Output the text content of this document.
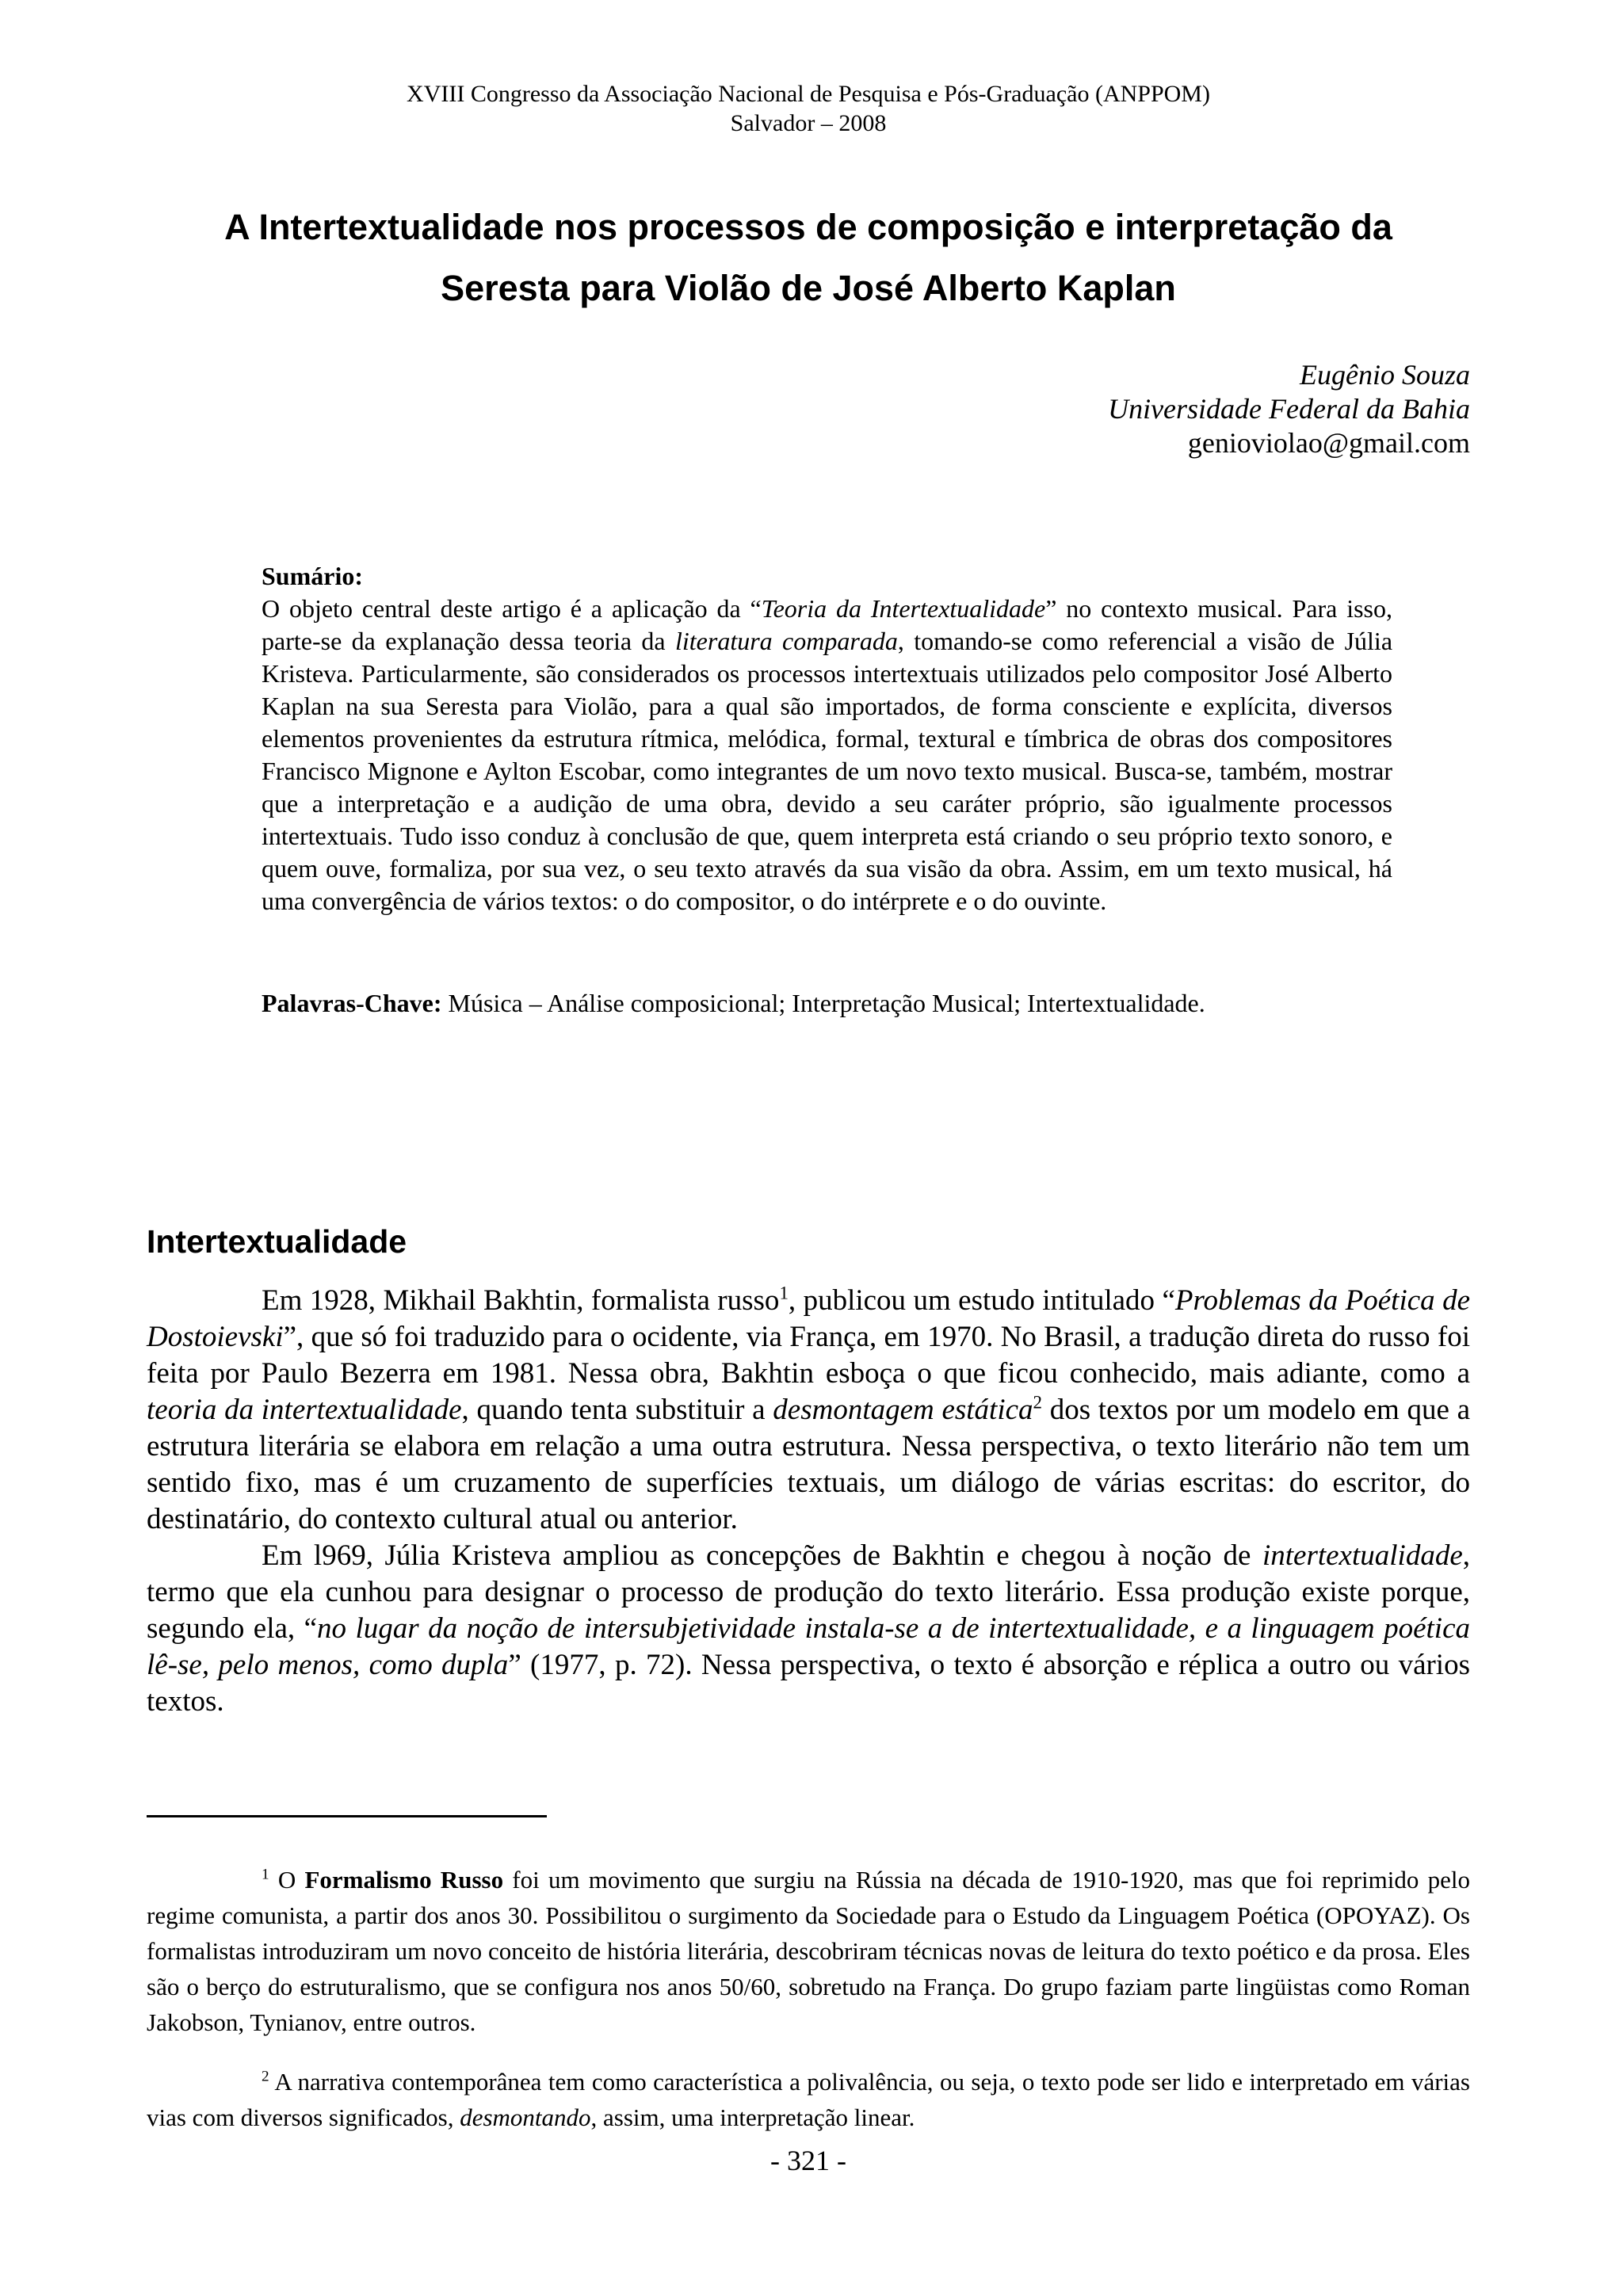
XVIII Congresso da Associação Nacional de Pesquisa e Pós-Graduação (ANPPOM)
Salvador – 2008
A Intertextualidade nos processos de composição e interpretação da
Seresta para Violão de José Alberto Kaplan
Eugênio Souza
Universidade Federal da Bahia
genioviolao@gmail.com
Sumário:
O objeto central deste artigo é a aplicação da “Teoria da Intertextualidade” no contexto musical. Para isso, parte-se da explanação dessa teoria da literatura comparada, tomando-se como referencial a visão de Júlia Kristeva. Particularmente, são considerados os processos intertextuais utilizados pelo compositor José Alberto Kaplan na sua Seresta para Violão, para a qual são importados, de forma consciente e explícita, diversos elementos provenientes da estrutura rítmica, melódica, formal, textural e tímbrica de obras dos compositores Francisco Mignone e Aylton Escobar, como integrantes de um novo texto musical. Busca-se, também, mostrar que a interpretação e a audição de uma obra, devido a seu caráter próprio, são igualmente processos intertextuais. Tudo isso conduz à conclusão de que, quem interpreta está criando o seu próprio texto sonoro, e quem ouve, formaliza, por sua vez, o seu texto através da sua visão da obra. Assim, em um texto musical, há uma convergência de vários textos: o do compositor, o do intérprete e o do ouvinte.
Palavras-Chave: Música – Análise composicional; Interpretação Musical; Intertextualidade.
Intertextualidade

Em 1928, Mikhail Bakhtin, formalista russo$^1$, publicou um estudo intitulado “Problemas da Poética de Dostoievski”, que só foi traduzido para o ocidente, via França, em 1970. No Brasil, a tradução direta do russo foi feita por Paulo Bezerra em 1981. Nessa obra, Bakhtin esboça o que ficou conhecido, mais adiante, como a teoria da intertextualidade, quando tenta substituir a desmontagem estática$^2$ dos textos por um modelo em que a estrutura literária se elabora em relação a uma outra estrutura. Nessa perspectiva, o texto literário não tem um sentido fixo, mas é um cruzamento de superfícies textuais, um diálogo de várias escritas: do escritor, do destinatário, do contexto cultural atual ou anterior.

Em l969, Júlia Kristeva ampliou as concepções de Bakhtin e chegou à noção de intertextualidade, termo que ela cunhou para designar o processo de produção do texto literário. Essa produção existe porque, segundo ela, “no lugar da noção de intersubjetividade instala-se a de intertextualidade, e a linguagem poética lê-se, pelo menos, como dupla” (1977, p. 72). Nessa perspectiva, o texto é absorção e réplica a outro ou vários textos.

$^1$ O Formalismo Russo foi um movimento que surgiu na Rússia na década de 1910-1920, mas que foi reprimido pelo regime comunista, a partir dos anos 30. Possibilitou o surgimento da Sociedade para o Estudo da Linguagem Poética (OPOYAZ). Os formalistas introduziram um novo conceito de história literária, descobriram técnicas novas de leitura do texto poético e da prosa. Eles são o berço do estruturalismo, que se configura nos anos 50/60, sobretudo na França. Do grupo faziam parte lingüistas como Roman Jakobson, Tynianov, entre outros.
$^2$ A narrativa contemporânea tem como característica a polivalência, ou seja, o texto pode ser lido e interpretado em várias vias com diversos significados, desmontando, assim, uma interpretação linear.
- 321 -
